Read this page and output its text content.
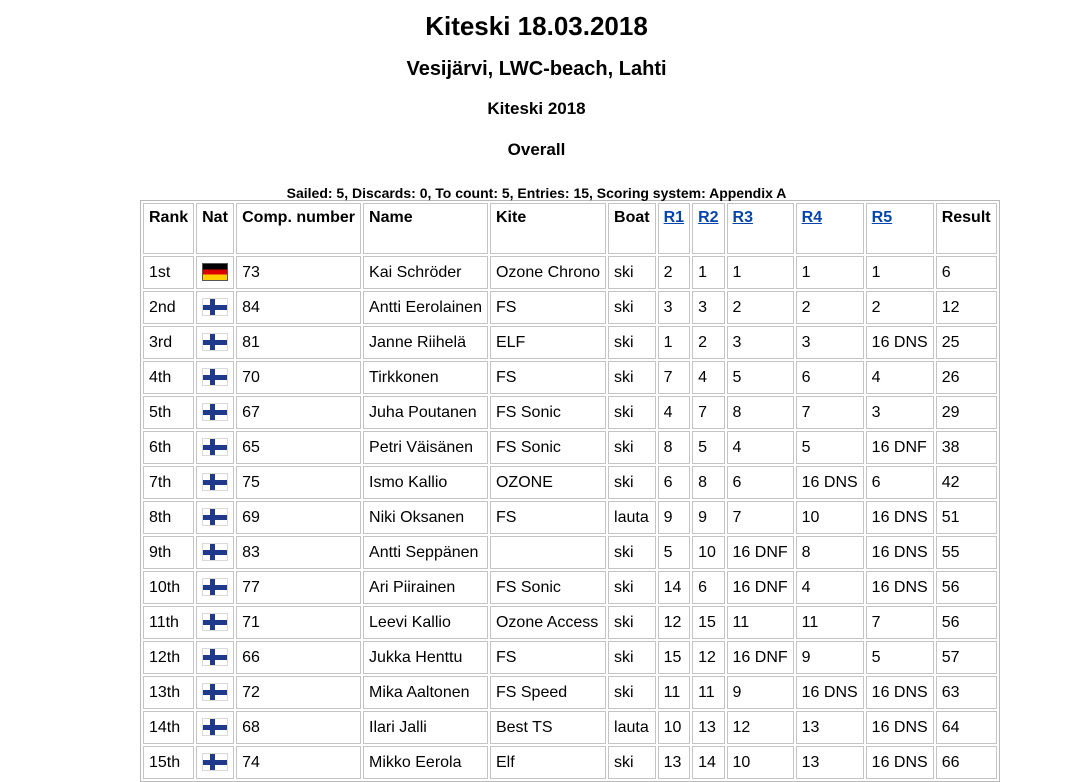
Kiteski 18.03.2018
Vesijärvi, LWC-beach, Lahti
Kiteski 2018
Overall
Sailed: 5, Discards: 0, To count: 5, Entries: 15, Scoring system: Appendix A
Rank	Nat	Comp. number	Name	Kite	Boat	R1	R2	R3	R4	R5	Result
1st		73	Kai Schröder	Ozone Chrono	ski	2	1	1	1	1	6
2nd		84	Antti Eerolainen	FS	ski	3	3	2	2	2	12
3rd		81	Janne Riihelä	ELF	ski	1	2	3	3	16 DNS	25
4th		70	Tirkkonen	FS	ski	7	4	5	6	4	26
5th		67	Juha Poutanen	FS Sonic	ski	4	7	8	7	3	29
6th		65	Petri Väisänen	FS Sonic	ski	8	5	4	5	16 DNF	38
7th		75	Ismo Kallio	OZONE	ski	6	8	6	16 DNS	6	42
8th		69	Niki Oksanen	FS	lauta	9	9	7	10	16 DNS	51
9th		83	Antti Seppänen		ski	5	10	16 DNF	8	16 DNS	55
10th		77	Ari Piirainen	FS Sonic	ski	14	6	16 DNF	4	16 DNS	56
11th		71	Leevi Kallio	Ozone Access	ski	12	15	11	11	7	56
12th		66	Jukka Henttu	FS	ski	15	12	16 DNF	9	5	57
13th		72	Mika Aaltonen	FS Speed	ski	11	11	9	16 DNS	16 DNS	63
14th		68	Ilari Jalli	Best TS	lauta	10	13	12	13	16 DNS	64
15th		74	Mikko Eerola	Elf	ski	13	14	10	13	16 DNS	66
